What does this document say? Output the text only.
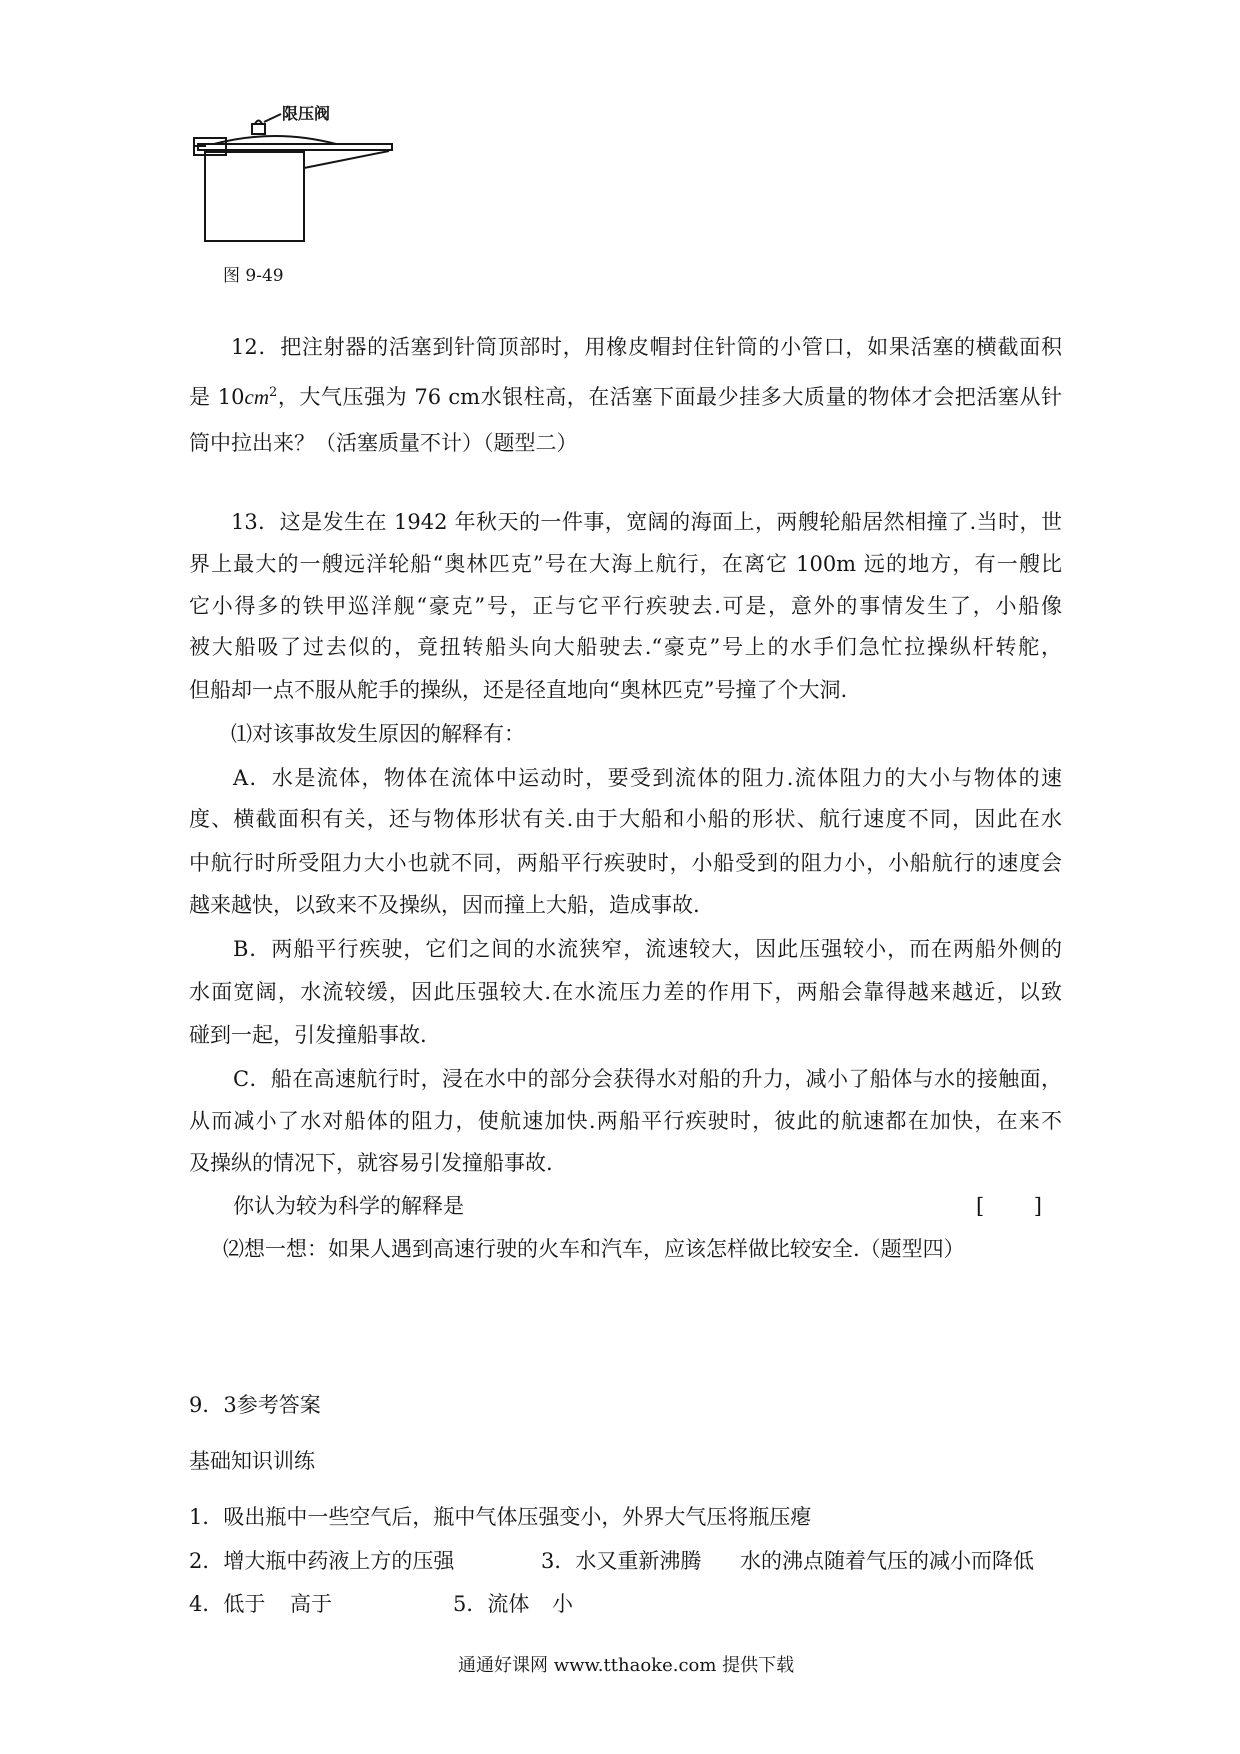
限压阀
图 9-49
12．把注射器的活塞到针筒顶部时，用橡皮帽封住针筒的小管口，如果活塞的横截面积
是 $10cm^2$，大气压强为 76 cm水银柱高，在活塞下面最少挂多大质量的物体才会把活塞从针
筒中拉出来？（活塞质量不计）（题型二）
13．这是发生在 1942 年秋天的一件事，宽阔的海面上，两艘轮船居然相撞了.当时，世
界上最大的一艘远洋轮船“奥林匹克”号在大海上航行，在离它 100m 远的地方，有一艘比
它小得多的铁甲巡洋舰“豪克”号，正与它平行疾驶去.可是，意外的事情发生了，小船像
被大船吸了过去似的，竟扭转船头向大船驶去.“豪克”号上的水手们急忙拉操纵杆转舵，
但船却一点不服从舵手的操纵，还是径直地向“奥林匹克”号撞了个大洞.
⑴对该事故发生原因的解释有：
A．水是流体，物体在流体中运动时，要受到流体的阻力.流体阻力的大小与物体的速
度、横截面积有关，还与物体形状有关.由于大船和小船的形状、航行速度不同，因此在水
中航行时所受阻力大小也就不同，两船平行疾驶时，小船受到的阻力小，小船航行的速度会
越来越快，以致来不及操纵，因而撞上大船，造成事故.
B．两船平行疾驶，它们之间的水流狭窄，流速较大，因此压强较小，而在两船外侧的
水面宽阔，水流较缓，因此压强较大.在水流压力差的作用下，两船会靠得越来越近，以致
碰到一起，引发撞船事故.
C．船在高速航行时，浸在水中的部分会获得水对船的升力，减小了船体与水的接触面，
从而减小了水对船体的阻力，使航速加快.两船平行疾驶时，彼此的航速都在加快，在来不
及操纵的情况下，就容易引发撞船事故.
你认为较为科学的解释是	[ ]
⑵想一想：如果人遇到高速行驶的火车和汽车，应该怎样做比较安全.（题型四）
9．3参考答案
基础知识训练
1．吸出瓶中一些空气后，瓶中气体压强变小，外界大气压将瓶压瘪
2．增大瓶中药液上方的压强	3．水又重新沸腾 水的沸点随着气压的减小而降低
4．低于 高于	5．流体 小
通通好课网 www.tthaoke.com 提供下载
